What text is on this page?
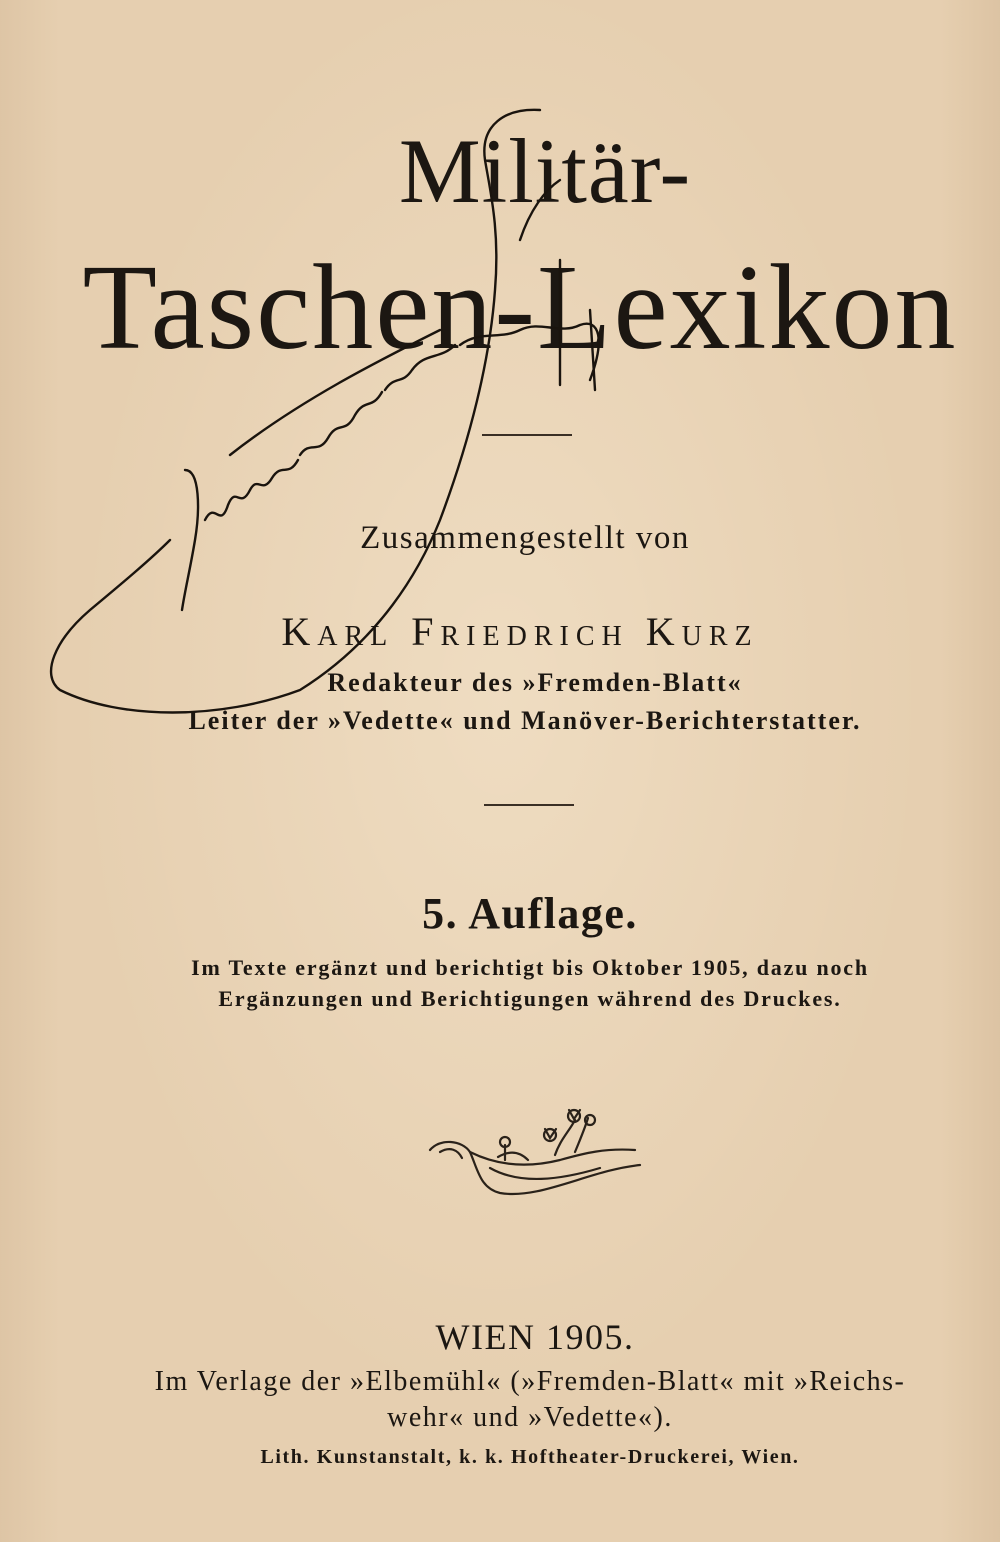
Militär-
Taschen-Lexikon
Zusammengestellt von
Karl Friedrich Kurz
Redakteur des »Fremden-Blatt«
Leiter der »Vedette« und Manöver-Berichterstatter.
5. Auflage.
Im Texte ergänzt und berichtigt bis Oktober 1905, dazu noch
Ergänzungen und Berichtigungen während des Druckes.
WIEN 1905.
Im Verlage der »Elbemühl« (»Fremden-Blatt« mit »Reichs-
wehr« und »Vedette«).
Lith. Kunstanstalt, k. k. Hoftheater-Druckerei, Wien.
